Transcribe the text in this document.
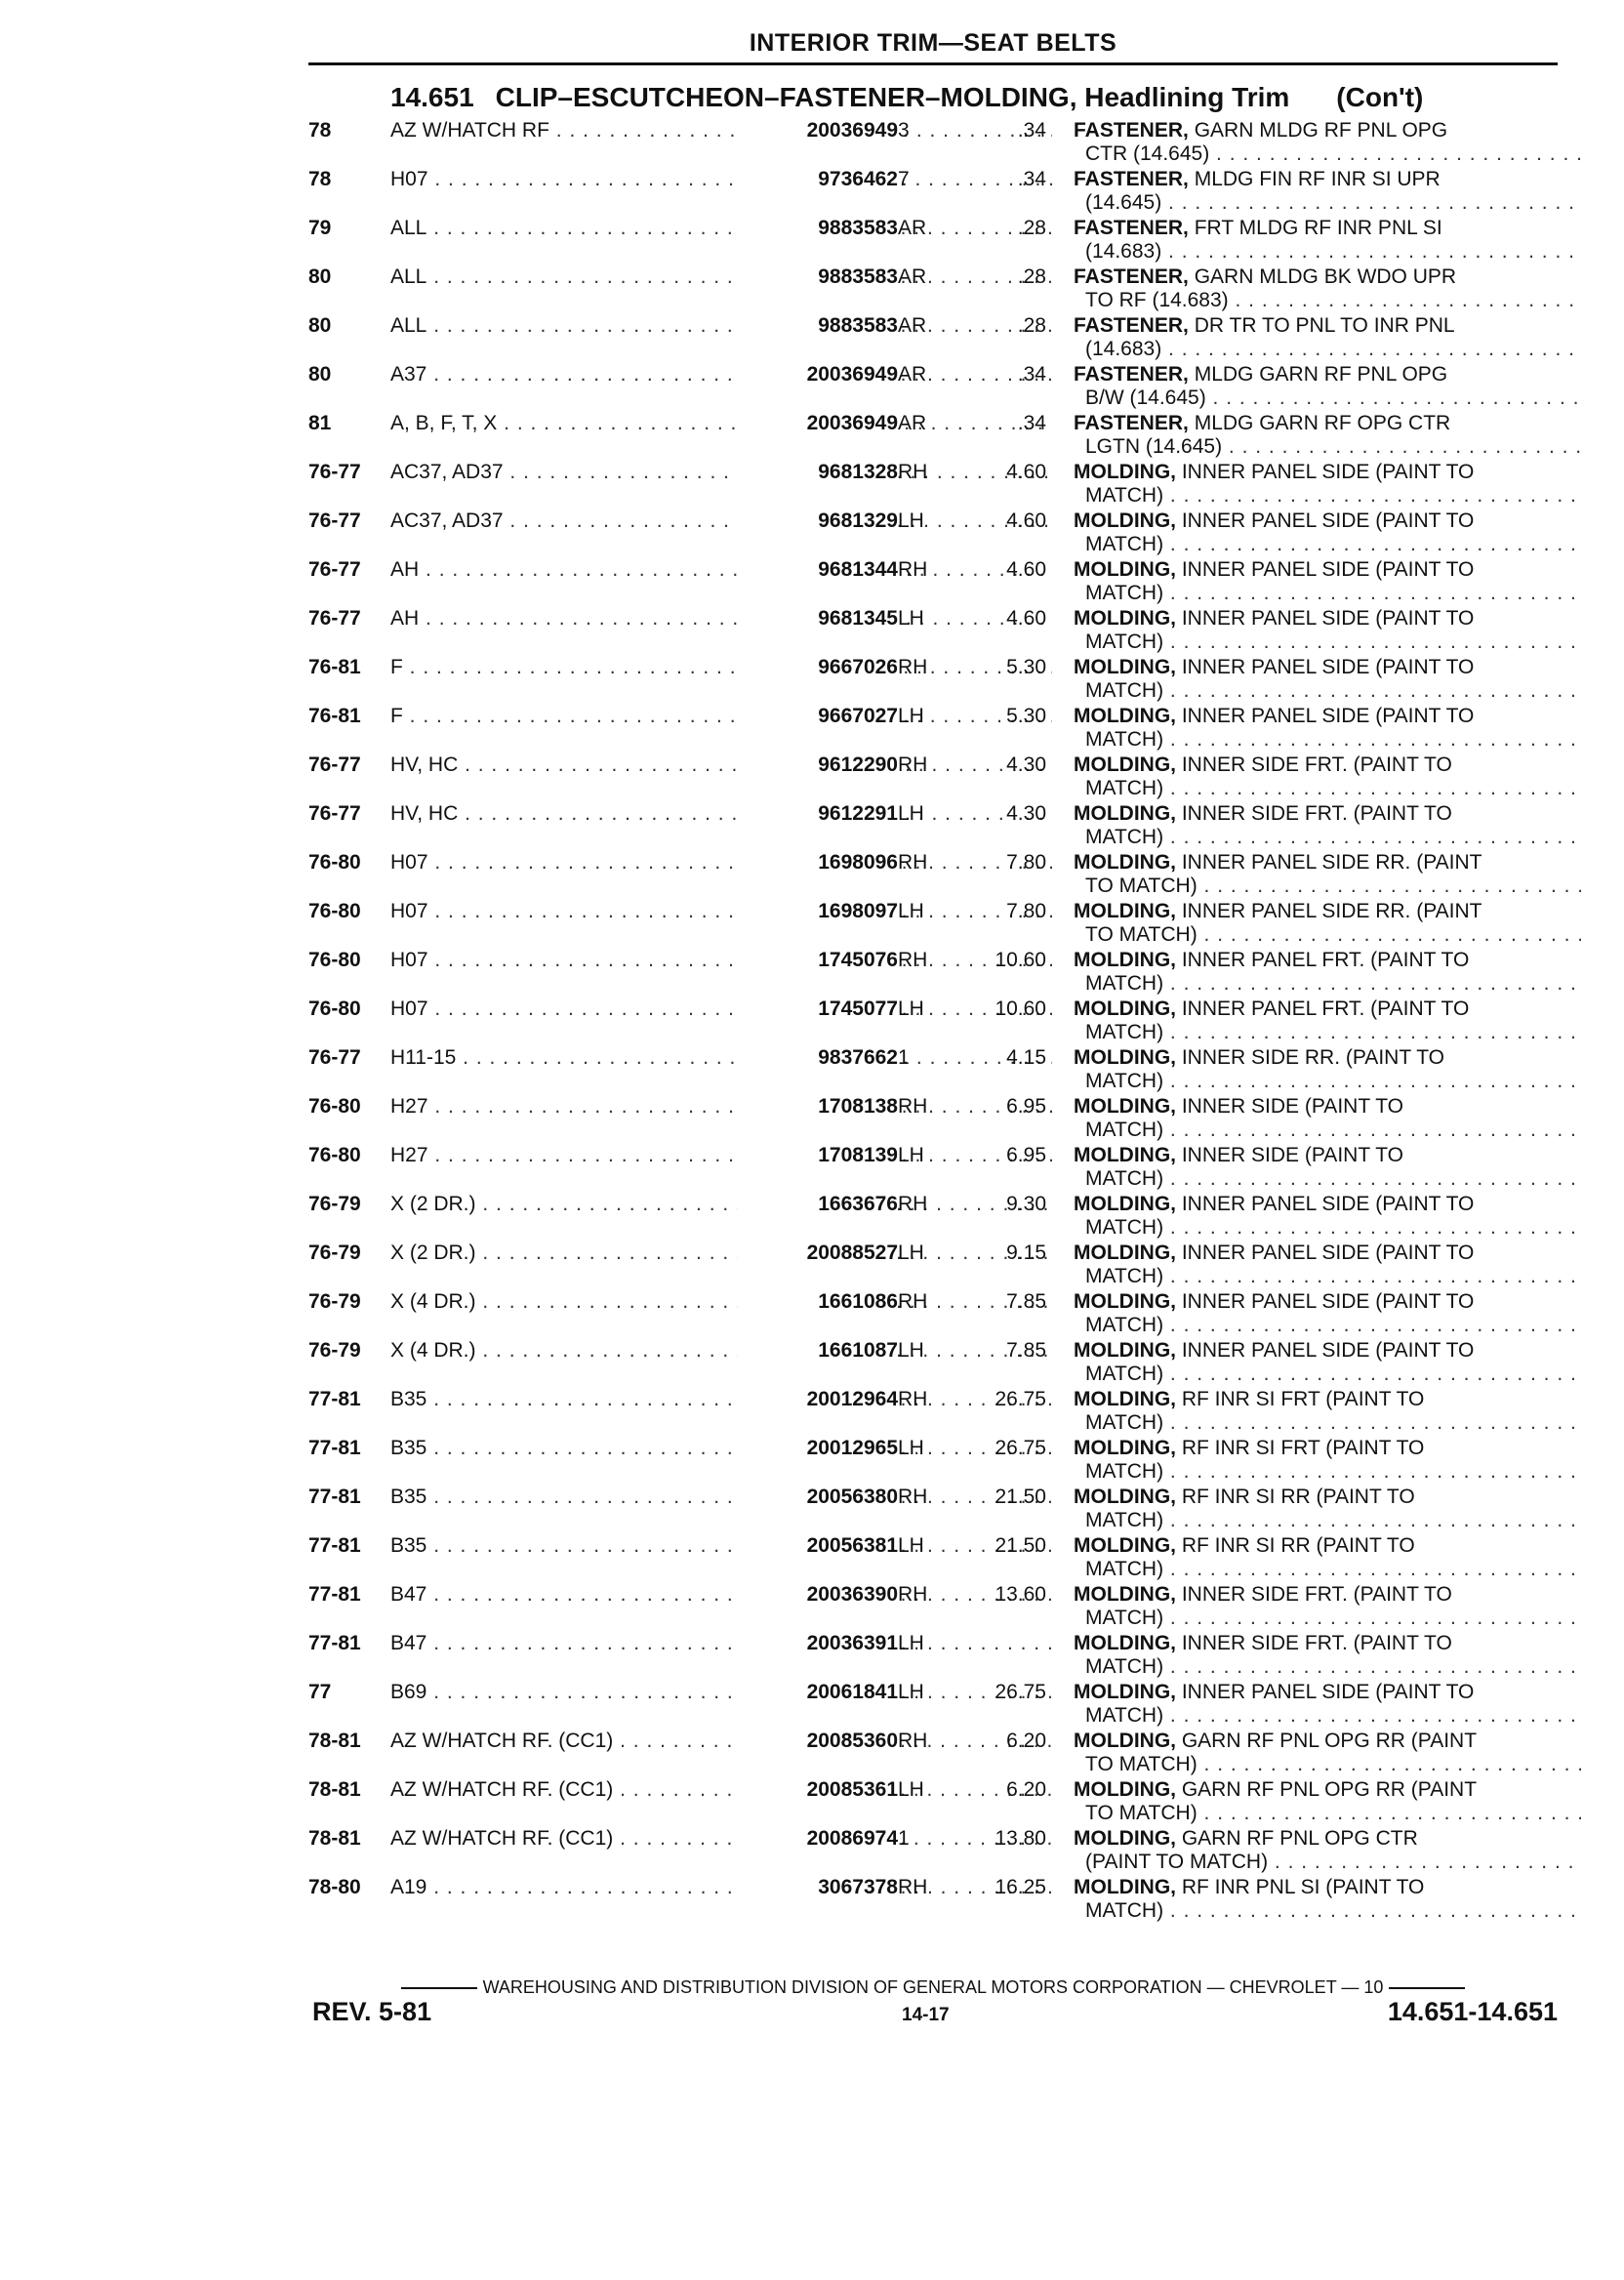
INTERIOR TRIM—SEAT BELTS
14.651 CLIP–ESCUTCHEON–FASTENER–MOLDING, Headlining Trim (Con't)
78	AZ W/HATCH RF . . .	20036949 3	.34 FASTENER, GARN MLDG RF PNL OPG
CTR (14.645) . . .
78	H07 . . .	9736462 7	.34 FASTENER, MLDG FIN RF INR SI UPR
(14.645) . . .
79	ALL . . .	9883583 AR	.28 FASTENER, FRT MLDG RF INR PNL SI
(14.683) . . .
80	ALL . . .	9883583 AR	.28 FASTENER, GARN MLDG BK WDO UPR
TO RF (14.683) . . .
80	ALL . . .	9883583 AR	.28 FASTENER, DR TR TO PNL TO INR PNL
(14.683) . . .
80	A37 . . .	20036949 AR	.34 FASTENER, MLDG GARN RF PNL OPG
B/W (14.645) . . .
81	A, B, F, T, X . . .	20036949 AR	.34 FASTENER, MLDG GARN RF OPG CTR
LGTN (14.645) . . .
76-77	AC37, AD37 . . .	9681328 RH	4.60 MOLDING, INNER PANEL SIDE (PAINT TO
MATCH) . . .
76-77	AC37, AD37 . . .	9681329 LH	4.60 MOLDING, INNER PANEL SIDE (PAINT TO
MATCH) . . .
76-77	AH . . .	9681344 RH	4.60 MOLDING, INNER PANEL SIDE (PAINT TO
MATCH) . . .
76-77	AH . . .	9681345 LH	4.60 MOLDING, INNER PANEL SIDE (PAINT TO
MATCH) . . .
76-81	F . . .	9667026 RH	5.30 MOLDING, INNER PANEL SIDE (PAINT TO
MATCH) . . .
76-81	F . . .	9667027 LH	5.30 MOLDING, INNER PANEL SIDE (PAINT TO
MATCH) . . .
76-77	HV, HC . . .	9612290 RH	4.30 MOLDING, INNER SIDE FRT. (PAINT TO
MATCH) . . .
76-77	HV, HC . . .	9612291 LH	4.30 MOLDING, INNER SIDE FRT. (PAINT TO
MATCH) . . .
76-80	H07 . . .	1698096 RH	7.80 MOLDING, INNER PANEL SIDE RR. (PAINT
TO MATCH) . . .
76-80	H07 . . .	1698097 LH	7.80 MOLDING, INNER PANEL SIDE RR. (PAINT
TO MATCH) . . .
76-80	H07 . . .	1745076 RH	10.60 MOLDING, INNER PANEL FRT. (PAINT TO
MATCH) . . .
76-80	H07 . . .	1745077 LH	10.60 MOLDING, INNER PANEL FRT. (PAINT TO
MATCH) . . .
76-77	H11-15 . . .	9837662 1	4.15 MOLDING, INNER SIDE RR. (PAINT TO
MATCH) . . .
76-80	H27 . . .	1708138 RH	6.95 MOLDING, INNER SIDE (PAINT TO
MATCH) . . .
76-80	H27 . . .	1708139 LH	6.95 MOLDING, INNER SIDE (PAINT TO
MATCH) . . .
76-79	X (2 DR.) . . .	1663676 RH	9.30 MOLDING, INNER PANEL SIDE (PAINT TO
MATCH) . . .
76-79	X (2 DR.) . . .	20088527 LH	9.15 MOLDING, INNER PANEL SIDE (PAINT TO
MATCH) . . .
76-79	X (4 DR.) . . .	1661086 RH	7.85 MOLDING, INNER PANEL SIDE (PAINT TO
MATCH) . . .
76-79	X (4 DR.) . . .	1661087 LH	7.85 MOLDING, INNER PANEL SIDE (PAINT TO
MATCH) . . .
77-81	B35 . . .	20012964 RH	26.75 MOLDING, RF INR SI FRT (PAINT TO
MATCH) . . .
77-81	B35 . . .	20012965 LH	26.75 MOLDING, RF INR SI FRT (PAINT TO
MATCH) . . .
77-81	B35 . . .	20056380 RH	21.50 MOLDING, RF INR SI RR (PAINT TO
MATCH) . . .
77-81	B35 . . .	20056381 LH	21.50 MOLDING, RF INR SI RR (PAINT TO
MATCH) . . .
77-81	B47 . . .	20036390 RH	13.60 MOLDING, INNER SIDE FRT. (PAINT TO
MATCH) . . .
77-81	B47 . . .	20036391 LH	MOLDING, INNER SIDE FRT. (PAINT TO
MATCH) . . .
77	B69 . . .	20061841 LH	26.75 MOLDING, INNER PANEL SIDE (PAINT TO
MATCH) . . .
78-81	AZ W/HATCH RF. (CC1) . . .	20085360 RH	6.20 MOLDING, GARN RF PNL OPG RR (PAINT
TO MATCH) . . .
78-81	AZ W/HATCH RF. (CC1) . . .	20085361 LH	6.20 MOLDING, GARN RF PNL OPG RR (PAINT
TO MATCH) . . .
78-81	AZ W/HATCH RF. (CC1) . . .	20086974 1	13.80 MOLDING, GARN RF PNL OPG CTR
(PAINT TO MATCH) . . .
78-80	A19 . . .	3067378 RH	16.25 MOLDING, RF INR PNL SI (PAINT TO
MATCH) . . .
WAREHOUSING AND DISTRIBUTION DIVISION OF GENERAL MOTORS CORPORATION — CHEVROLET — 10
REV. 5-81	14-17	14.651-14.651
